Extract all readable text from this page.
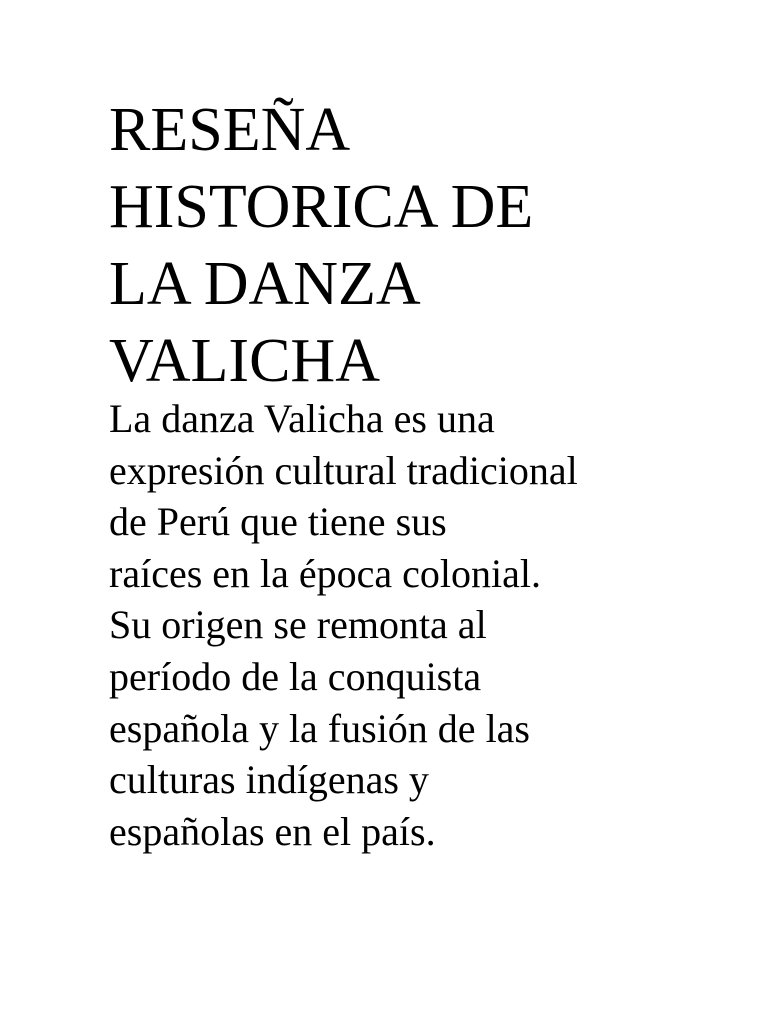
RESEÑA
HISTORICA DE
LA DANZA
VALICHA

La danza Valicha es una
expresión cultural tradicional
de Perú que tiene sus
raíces en la época colonial.
Su origen se remonta al
período de la conquista
española y la fusión de las
culturas indígenas y
españolas en el país.
